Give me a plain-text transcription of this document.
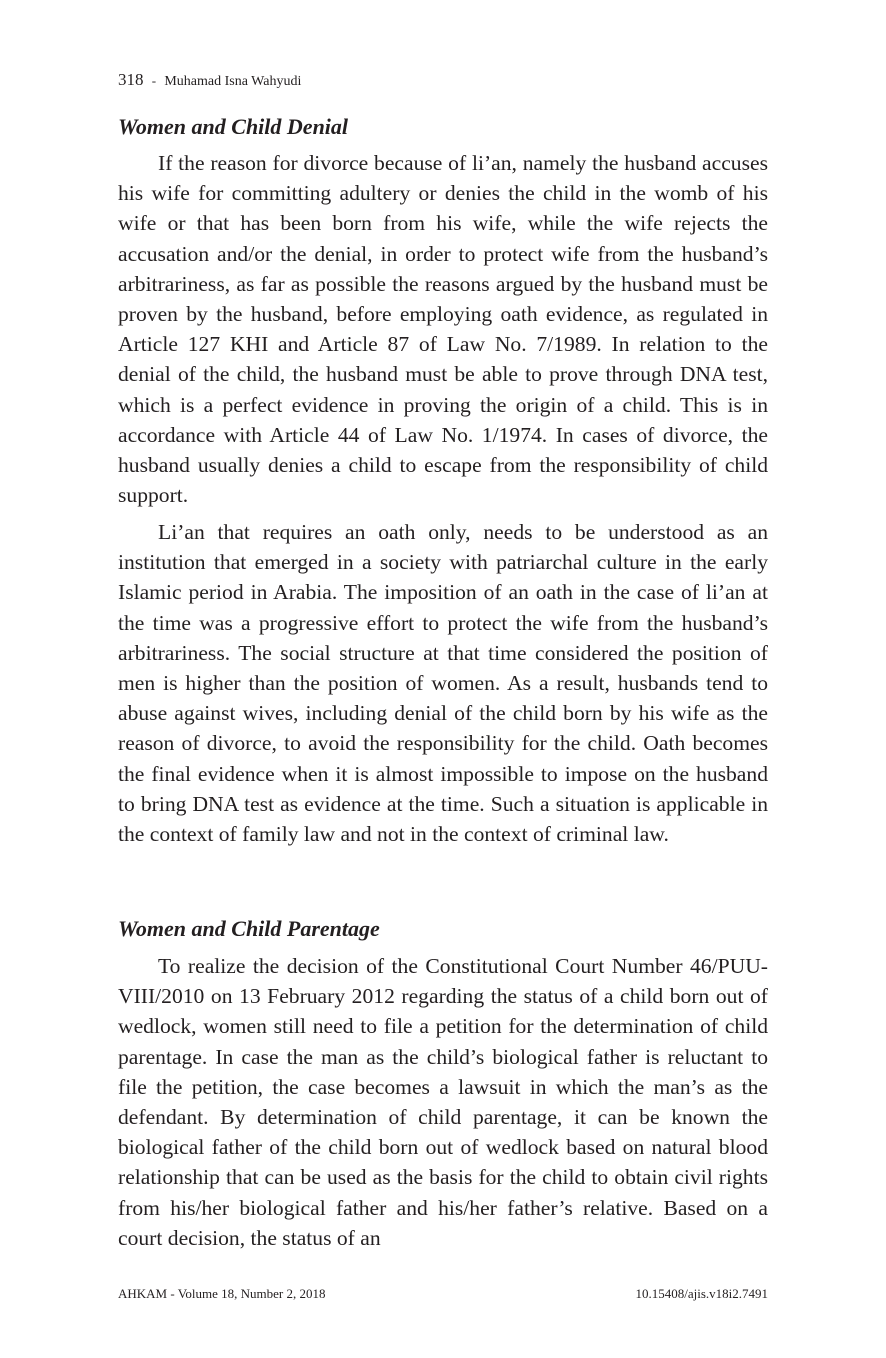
318 - Muhamad Isna Wahyudi
Women and Child Denial

If the reason for divorce because of li’an, namely the husband accuses his wife for committing adultery or denies the child in the womb of his wife or that has been born from his wife, while the wife rejects the accusation and/or the denial, in order to protect wife from the husband’s arbitrariness, as far as possible the reasons argued by the husband must be proven by the husband, before employing oath evidence, as regulated in Article 127 KHI and Article 87 of Law No. 7/1989. In relation to the denial of the child, the husband must be able to prove through DNA test, which is a perfect evidence in proving the origin of a child. This is in accordance with Article 44 of Law No. 1/1974. In cases of divorce, the husband usually denies a child to escape from the responsibility of child support.

Li’an that requires an oath only, needs to be understood as an institution that emerged in a society with patriarchal culture in the early Islamic period in Arabia. The imposition of an oath in the case of li’an at the time was a progressive effort to protect the wife from the husband’s arbitrariness. The social structure at that time considered the position of men is higher than the position of women. As a result, husbands tend to abuse against wives, including denial of the child born by his wife as the reason of divorce, to avoid the responsibility for the child. Oath becomes the final evidence when it is almost impossible to impose on the husband to bring DNA test as evidence at the time. Such a situation is applicable in the context of family law and not in the context of criminal law.

Women and Child Parentage

To realize the decision of the Constitutional Court Number 46/PUU-VIII/2010 on 13 February 2012 regarding the status of a child born out of wedlock, women still need to file a petition for the determination of child parentage. In case the man as the child’s biological father is reluctant to file the petition, the case becomes a lawsuit in which the man’s as the defendant. By determination of child parentage, it can be known the biological father of the child born out of wedlock based on natural blood relationship that can be used as the basis for the child to obtain civil rights from his/her biological father and his/her father’s relative. Based on a court decision, the status of an

AHKAM - Volume 18, Number 2, 2018	10.15408/ajis.v18i2.7491
